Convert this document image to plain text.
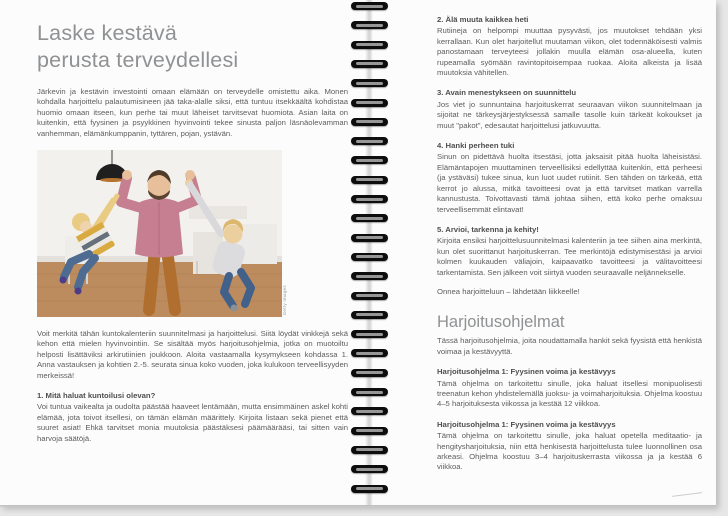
Laske kestävä
perusta terveydellesi

Järkevin ja kestävin investointi omaan elämään on terveydelle omistettu aika. Monen kohdalla harjoittelu palautumisineen jää taka-alalle siksi, että tuntuu itsekkäältä kohdistaa huomio omaan itseen, kun perhe tai muut läheiset tarvitsevat huomiota. Asian laita on kuitenkin, että fyysinen ja psyykkinen hyvinvointi tekee sinusta paljon läsnäolevamman vanhemman, elämänkumppanin, tyttären, pojan, ystävän.

Getty Images

Voit merkitä tähän kuntokalenteriin suunnitelmasi ja harjoittelusi. Siitä löydät vinkkejä sekä kehon että mielen hyvinvointiin. Se sisältää myös harjoitusohjelmia, jotka on muotoiltu helposti lisättäviksi arkirutiinien joukkoon. Aloita vastaamalla kysymykseen kohdassa 1. Anna vastauksen ja kohtien 2.-5. seurata sinua koko vuoden, joka kulukoon terveellisyyden merkeissä!

1. Mitä haluat kuntoilusi olevan?

Voi tuntua vaikealta ja oudolta päästää haaveet lentämään, mutta ensimmäinen askel kohti elämää, jota toivot itsellesi, on tämän elämän määrittely. Kirjoita listaan sekä pienet että suuret asiat! Ehkä tarvitset monia muutoksia päästäksesi päämäärääsi, tai sitten vain harvoja säätöjä.

2. Älä muuta kaikkea heti

Rutiineja on helpompi muuttaa pysyvästi, jos muutokset tehdään yksi kerrallaan. Kun olet harjoitellut muutaman viikon, olet todennäköisesti valmis panostamaan terveyteesi jollakin muulla elämän osa-alueella, kuten rupeamalla syömään ravintopitoisempaa ruokaa. Aloita alkeista ja lisää muutoksia vähitellen.

3. Avain menestykseen on suunnittelu

Jos viet jo sunnuntaina harjoituskerrat seuraavan viikon suunnitelmaan ja sijoitat ne tärkeysjärjestyksessä samalle tasolle kuin tärkeät kokoukset ja muut "pakot", edesautat harjoittelusi jatkuvuutta.

4. Hanki perheen tuki

Sinun on pidettävä huolta itsestäsi, jotta jaksaisit pitää huolta läheisistäsi. Elämäntapojen muuttaminen terveellisiksi edellyttää kuitenkin, että perheesi (ja ystäväsi) tukee sinua, kun luot uudet rutiinit. Sen tähden on tärkeää, että kerrot jo alussa, mitkä tavoitteesi ovat ja että tarvitset matkan varrella kannustusta. Toivottavasti tämä johtaa siihen, että koko perhe omaksuu terveellisemmät elintavat!

5. Arvioi, tarkenna ja kehity!

Kirjoita ensiksi harjoittelusuunnitelmasi kalenteriin ja tee siihen aina merkintä, kun olet suorittanut harjoituskerran. Tee merkintöjä edistymisestäsi ja arvioi kolmen kuukauden väliajoin, kaipaavatko tavoitteesi ja välitavoitteesi tarkentamista. Sen jälkeen voit siirtyä vuoden seuraavalle neljännekselle.

Onnea harjoitteluun – lähdetään liikkeelle!

Harjoitusohjelmat

Tässä harjoitusohjelmia, joita noudattamalla hankit sekä fyysistä että henkistä voimaa ja kestävyyttä.

Harjoitusohjelma 1: Fyysinen voima ja kestävyys

Tämä ohjelma on tarkoitettu sinulle, joka haluat itsellesi monipuolisesti treenatun kehon yhdistelemällä juoksu- ja voimaharjoituksia. Ohjelma koostuu 4–5 harjoituksesta viikossa ja kestää 12 viikkoa.

Harjoitusohjelma 1: Fyysinen voima ja kestävyys

Tämä ohjelma on tarkoitettu sinulle, joka haluat opetella meditaatio- ja hengitysharjoituksia, niin että henkisestä harjoittelusta tulee luonnollinen osa arkeasi. Ohjelma koostuu 3–4 harjoituskerrasta viikossa ja ja kestää 6 viikkoa.
